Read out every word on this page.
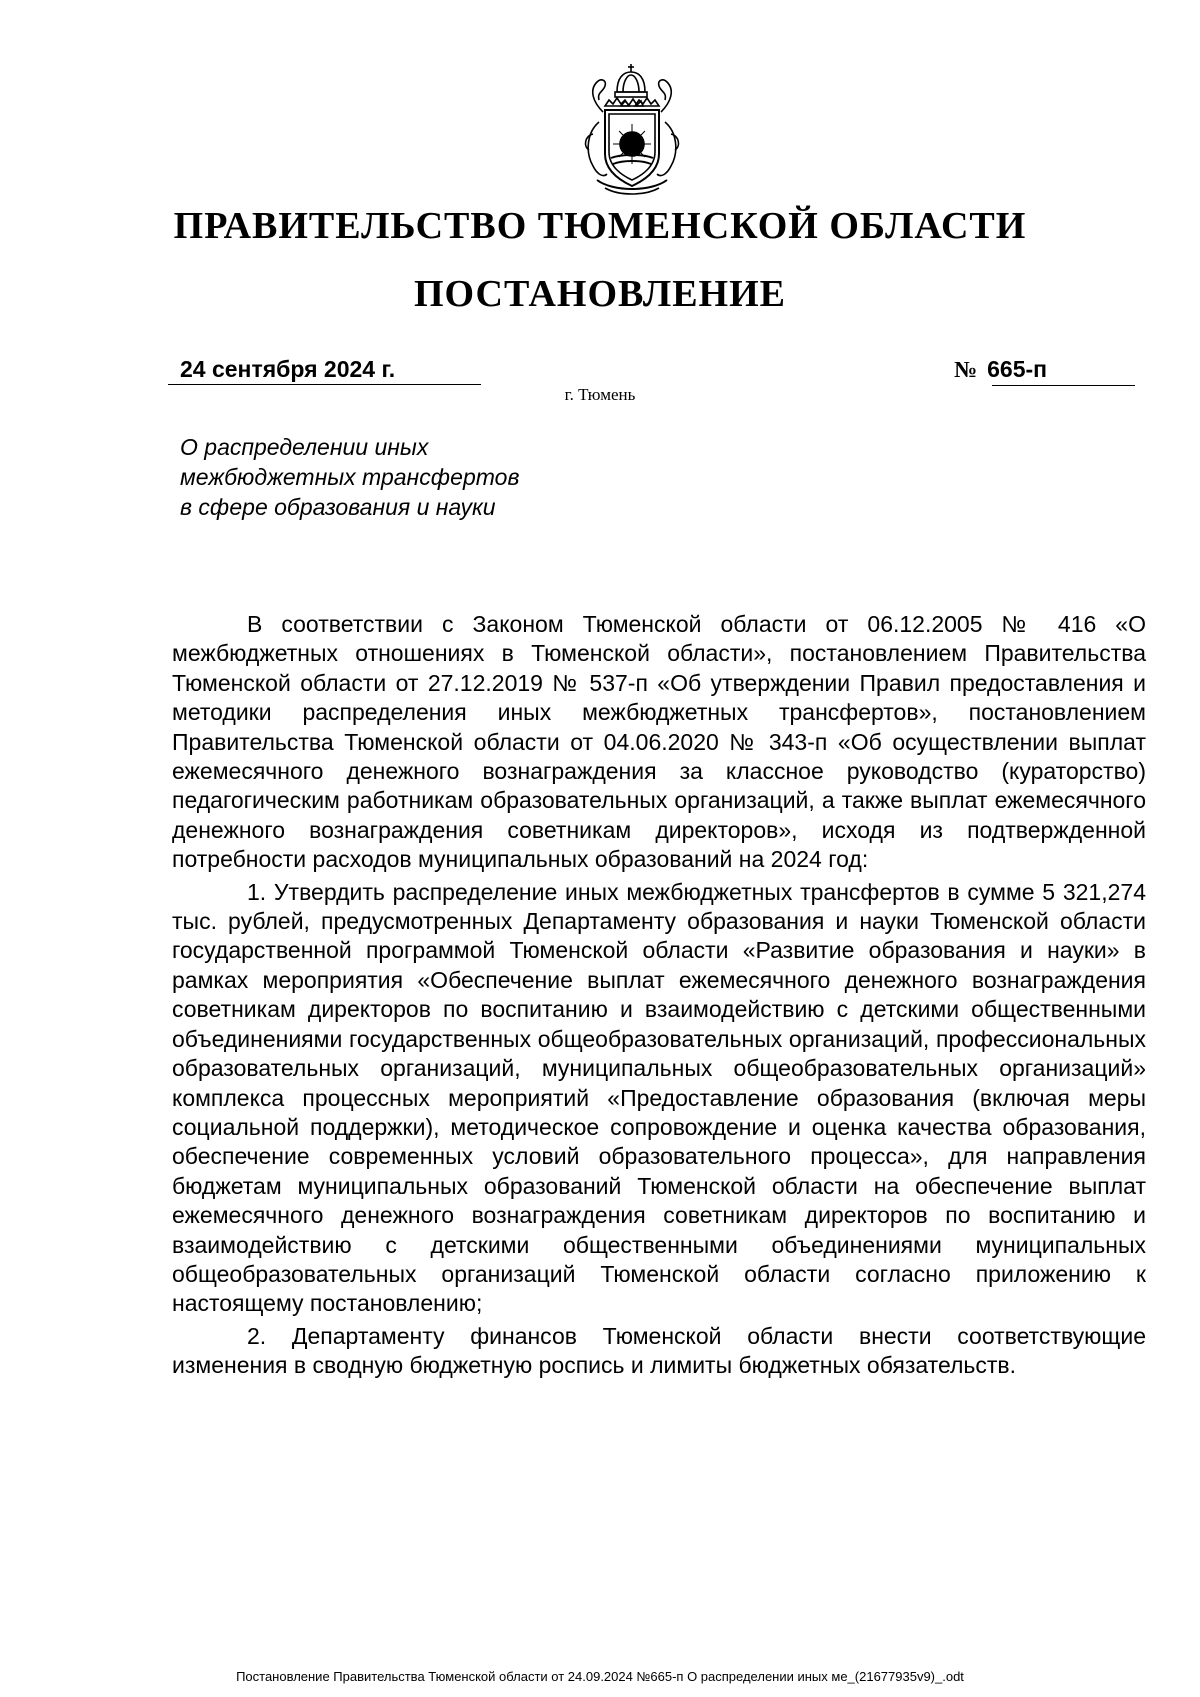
ПРАВИТЕЛЬСТВО ТЮМЕНСКОЙ ОБЛАСТИ
ПОСТАНОВЛЕНИЕ
24 сентября 2024 г.	№ 665-п
г. Тюмень
О распределении иных
межбюджетных трансфертов
в сфере образования и науки

В соответствии с Законом Тюменской области от 06.12.2005 № 416 «О межбюджетных отношениях в Тюменской области», постановлением Правительства Тюменской области от 27.12.2019 № 537-п «Об утверждении Правил предоставления и методики распределения иных межбюджетных трансфертов», постановлением Правительства Тюменской области от 04.06.2020 № 343-п «Об осуществлении выплат ежемесячного денежного вознаграждения за классное руководство (кураторство) педагогическим работникам образовательных организаций, а также выплат ежемесячного денежного вознаграждения советникам директоров», исходя из подтвержденной потребности расходов муниципальных образований на 2024 год:

1. Утвердить распределение иных межбюджетных трансфертов в сумме 5 321,274 тыс. рублей, предусмотренных Департаменту образования и науки Тюменской области государственной программой Тюменской области «Развитие образования и науки» в рамках мероприятия «Обеспечение выплат ежемесячного денежного вознаграждения советникам директоров по воспитанию и взаимодействию с детскими общественными объединениями государственных общеобразовательных организаций, профессиональных образовательных организаций, муниципальных общеобразовательных организаций» комплекса процессных мероприятий «Предоставление образования (включая меры социальной поддержки), методическое сопровождение и оценка качества образования, обеспечение современных условий образовательного процесса», для направления бюджетам муниципальных образований Тюменской области на обеспечение выплат ежемесячного денежного вознаграждения советникам директоров по воспитанию и взаимодействию с детскими общественными объединениями муниципальных общеобразовательных организаций Тюменской области согласно приложению к настоящему постановлению;

2. Департаменту финансов Тюменской области внести соответствующие изменения в сводную бюджетную роспись и лимиты бюджетных обязательств.

Постановление Правительства Тюменской области от 24.09.2024 №665-п О распределении иных ме_(21677935v9)_.odt
